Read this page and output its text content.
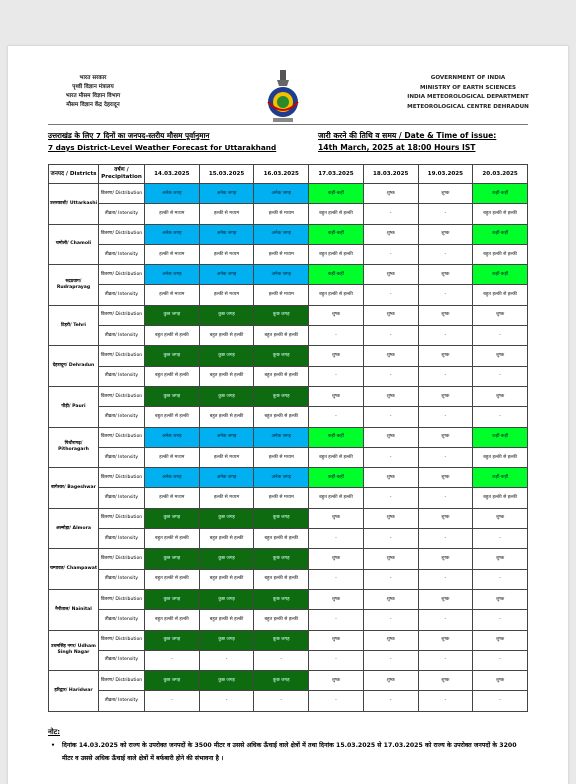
भारत सरकार
पृथ्वी विज्ञान मंत्रालय
भारत मौसम विज्ञान विभाग
मौसम विज्ञान केंद्र देहरादून
GOVERNMENT OF INDIA
MINISTRY OF EARTH SCIENCES
INDIA METEOROLOGICAL DEPARTMENT
METEOROLOGICAL CENTRE DEHRADUN
उत्तराखंड के लिए 7 दिनों का जनपद-स्तरीय मौसम पूर्वानुमान
7 days District-Level Weather Forecast for Uttarakhand
जारी करने की तिथि व समय / Date & Time of issue:
14th March, 2025 at 18:00 Hours IST
जनपद / Districts	वर्षण / Precipitation	14.03.2025	15.03.2025	16.03.2025	17.03.2025	18.03.2025	19.03.2025	20.03.2025
उत्तरकाशी/ Uttarkashi	वितरण/ Distribution	अनेक जगह	अनेक जगह	अनेक जगह	कहीं-कहीं	शुष्क	शुष्क	कहीं-कहीं
	तीव्रता/ Intensity	हल्की से मध्यम	हल्की से मध्यम	हल्की से मध्यम	बहुत हल्की से हल्की	-	-	बहुत हल्की से हल्की
चमोली/ Chamoli	वितरण/ Distribution	अनेक जगह	अनेक जगह	अनेक जगह	कहीं-कहीं	शुष्क	शुष्क	कहीं-कहीं
	तीव्रता/ Intensity	हल्की से मध्यम	हल्की से मध्यम	हल्की से मध्यम	बहुत हल्की से हल्की	-	-	बहुत हल्की से हल्की
रुद्रप्रयाग/ Rudraprayag	वितरण/ Distribution	अनेक जगह	अनेक जगह	अनेक जगह	कहीं-कहीं	शुष्क	शुष्क	कहीं-कहीं
	तीव्रता/ Intensity	हल्की से मध्यम	हल्की से मध्यम	हल्की से मध्यम	बहुत हल्की से हल्की	-	-	बहुत हल्की से हल्की
टिहरी/ Tehri	वितरण/ Distribution	कुछ जगह	कुछ जगह	कुछ जगह	शुष्क	शुष्क	शुष्क	शुष्क
	तीव्रता/ Intensity	बहुत हल्की से हल्की	बहुत हल्की से हल्की	बहुत हल्की से हल्की	-	-	-	-
देहरादून/ Dehradun	वितरण/ Distribution	कुछ जगह	कुछ जगह	कुछ जगह	शुष्क	शुष्क	शुष्क	शुष्क
	तीव्रता/ Intensity	बहुत हल्की से हल्की	बहुत हल्की से हल्की	बहुत हल्की से हल्की	-	-	-	-
पौड़ी/ Pauri	वितरण/ Distribution	कुछ जगह	कुछ जगह	कुछ जगह	शुष्क	शुष्क	शुष्क	शुष्क
	तीव्रता/ Intensity	बहुत हल्की से हल्की	बहुत हल्की से हल्की	बहुत हल्की से हल्की	-	-	-	-
पिथौरागढ़/ Pithoragarh	वितरण/ Distribution	अनेक जगह	अनेक जगह	अनेक जगह	कहीं-कहीं	शुष्क	शुष्क	कहीं-कहीं
	तीव्रता/ Intensity	हल्की से मध्यम	हल्की से मध्यम	हल्की से मध्यम	बहुत हल्की से हल्की	-	-	बहुत हल्की से हल्की
बागेश्वर/ Bageshwar	वितरण/ Distribution	अनेक जगह	अनेक जगह	अनेक जगह	कहीं-कहीं	शुष्क	शुष्क	कहीं-कहीं
	तीव्रता/ Intensity	हल्की से मध्यम	हल्की से मध्यम	हल्की से मध्यम	बहुत हल्की से हल्की	-	-	बहुत हल्की से हल्की
अल्मोड़ा/ Almora	वितरण/ Distribution	कुछ जगह	कुछ जगह	कुछ जगह	शुष्क	शुष्क	शुष्क	शुष्क
	तीव्रता/ Intensity	बहुत हल्की से हल्की	बहुत हल्की से हल्की	बहुत हल्की से हल्की	-	-	-	-
चम्पावत/ Champawat	वितरण/ Distribution	कुछ जगह	कुछ जगह	कुछ जगह	शुष्क	शुष्क	शुष्क	शुष्क
	तीव्रता/ Intensity	बहुत हल्की से हल्की	बहुत हल्की से हल्की	बहुत हल्की से हल्की	-	-	-	-
नैनीताल/ Nainital	वितरण/ Distribution	कुछ जगह	कुछ जगह	कुछ जगह	शुष्क	शुष्क	शुष्क	शुष्क
	तीव्रता/ Intensity	बहुत हल्की से हल्की	बहुत हल्की से हल्की	बहुत हल्की से हल्की	-	-	-	-
उधमसिंह नगर/ Udham Singh Nagar	वितरण/ Distribution	कुछ जगह	कुछ जगह	कुछ जगह	शुष्क	शुष्क	शुष्क	शुष्क
	तीव्रता/ Intensity	-	-	-	-	-	-	-
हरिद्वार/ Haridwar	वितरण/ Distribution	कुछ जगह	कुछ जगह	कुछ जगह	शुष्क	शुष्क	शुष्क	शुष्क
	तीव्रता/ Intensity	-	-	-	-	-	-	-
नोट:
• दिनांक 14.03.2025 को राज्य के उपरोक्त जनपदों के 3500 मीटर व उससे अधिक ऊँचाई वाले क्षेत्रों में तथा दिनांक 15.03.2025 से 17.03.2025 को राज्य के उपरोक्त जनपदों के 3200 मीटर व उससे अधिक ऊँचाई वाले क्षेत्रों में बर्फबारी होने की संभावना है ।
